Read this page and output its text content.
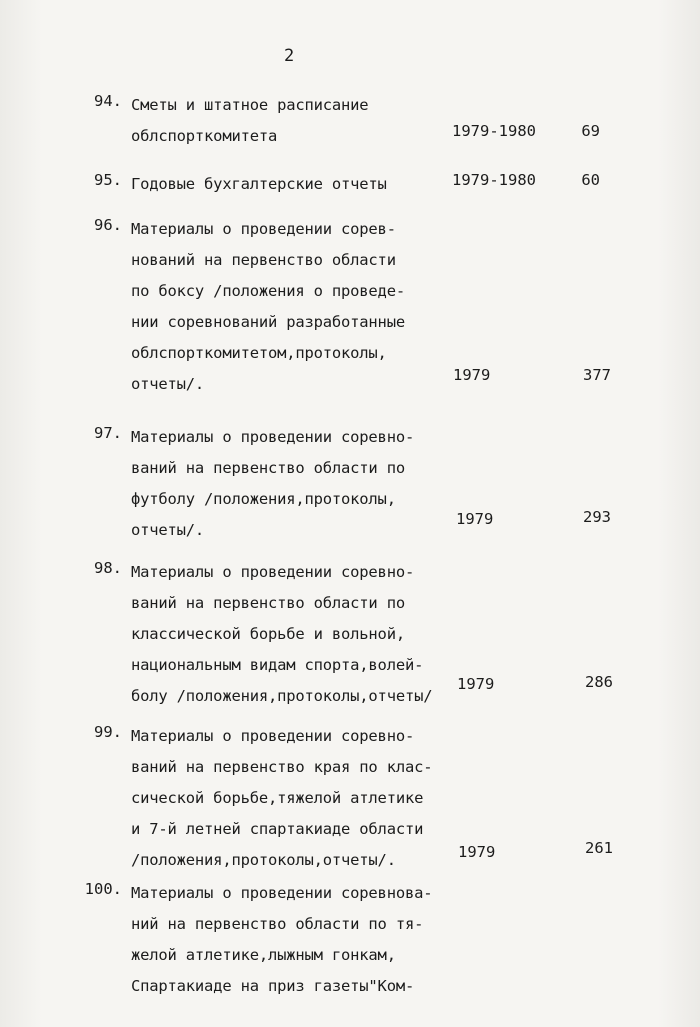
2
94. Сметы и штатное расписание
облспорткомитета	1979-1980	69
95. Годовые бухгалтерские отчеты	1979-1980	60
96. Материалы о проведении сорев-
нований на первенство области
по боксу /положения о проведе-
нии соревнований разработанные
облспорткомитетом,протоколы,
отчеты/.	1979	377
97. Материалы о проведении соревно-
ваний на первенство области по
футболу /положения,протоколы,
отчеты/.
1979	293
98. Материалы о проведении соревно-
ваний на первенство области по
классической борьбе и вольной,
национальным видам спорта,волей-
болу /положения,протоколы,отчеты/
1979	286
99. Материалы о проведении соревно-
ваний на первенство края по клас-
сической борьбе,тяжелой атлетике
и 7-й летней спартакиаде области
/положения,протоколы,отчеты/.	1979	261
100. Материалы о проведении соревнова-
ний на первенство области по тя-
желой атлетике,лыжным гонкам,
Спартакиаде на приз газеты"Ком-
